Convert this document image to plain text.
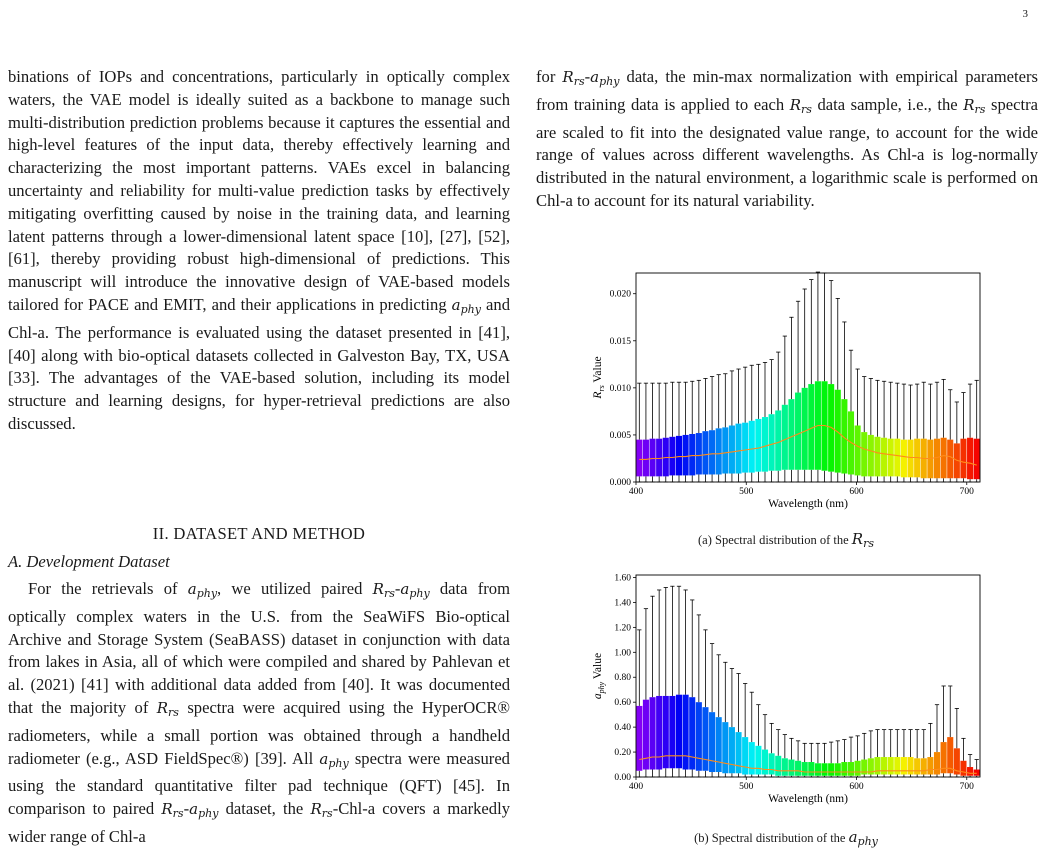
3

binations of IOPs and concentrations, particularly in optically complex waters, the VAE model is ideally suited as a backbone to manage such multi-distribution prediction problems because it captures the essential and high-level features of the input data, thereby effectively learning and characterizing the most important patterns. VAEs excel in balancing uncertainty and reliability for multi-value prediction tasks by effectively mitigating overfitting caused by noise in the training data, and learning latent patterns through a lower-dimensional latent space [10], [27], [52], [61], thereby providing robust high-dimensional of predictions. This manuscript will introduce the innovative design of VAE-based models tailored for PACE and EMIT, and their applications in predicting $a_{phy}$ and Chl-a. The performance is evaluated using the dataset presented in [41], [40] along with bio-optical datasets collected in Galveston Bay, TX, USA [33]. The advantages of the VAE-based solution, including its model structure and learning designs, for hyper-retrieval predictions are also discussed.

II. DATASET AND METHOD
A. Development Dataset

For the retrievals of $a_{phy}$, we utilized paired $R_{rs}-a_{phy}$ data from optically complex waters in the U.S. from the SeaWiFS Bio-optical Archive and Storage System (SeaBASS) dataset in conjunction with data from lakes in Asia, all of which were compiled and shared by Pahlevan et al. (2021) [41] with additional data added from [40]. It was documented that the majority of $R_{rs}$ spectra were acquired using the HyperOCR® radiometers, while a small portion was obtained through a handheld radiometer (e.g., ASD FieldSpec®) [39]. All $a_{phy}$ spectra were measured using the standard quantitative filter pad technique (QFT) [45]. In comparison to paired $R_{rs}-a_{phy}$ dataset, the $R_{rs}-Chl-a$ covers a markedly wider range of Chl-a

for $R_{rs}-a_{phy}$ data, the min-max normalization with empirical parameters from training data is applied to each $R_{rs}$ data sample, i.e., the $R_{rs}$ spectra are scaled to fit into the designated value range, to account for the wide range of values across different wavelengths. As Chl-a is log-normally distributed in the natural environment, a logarithmic scale is performed on Chl-a to account for its natural variability.

0.000
0.005
0.010
0.015
0.020
400	500	600	700
Wavelength (nm)
$R_{rs}$ Value
0.00
0.20
0.40
0.60
0.80
1.00
1.20
1.40
1.60
400	500	600	700
Wavelength (nm)
$a_{phy}$ Value
(a) Spectral distribution of the Rrs
(b) Spectral distribution of the aphy
